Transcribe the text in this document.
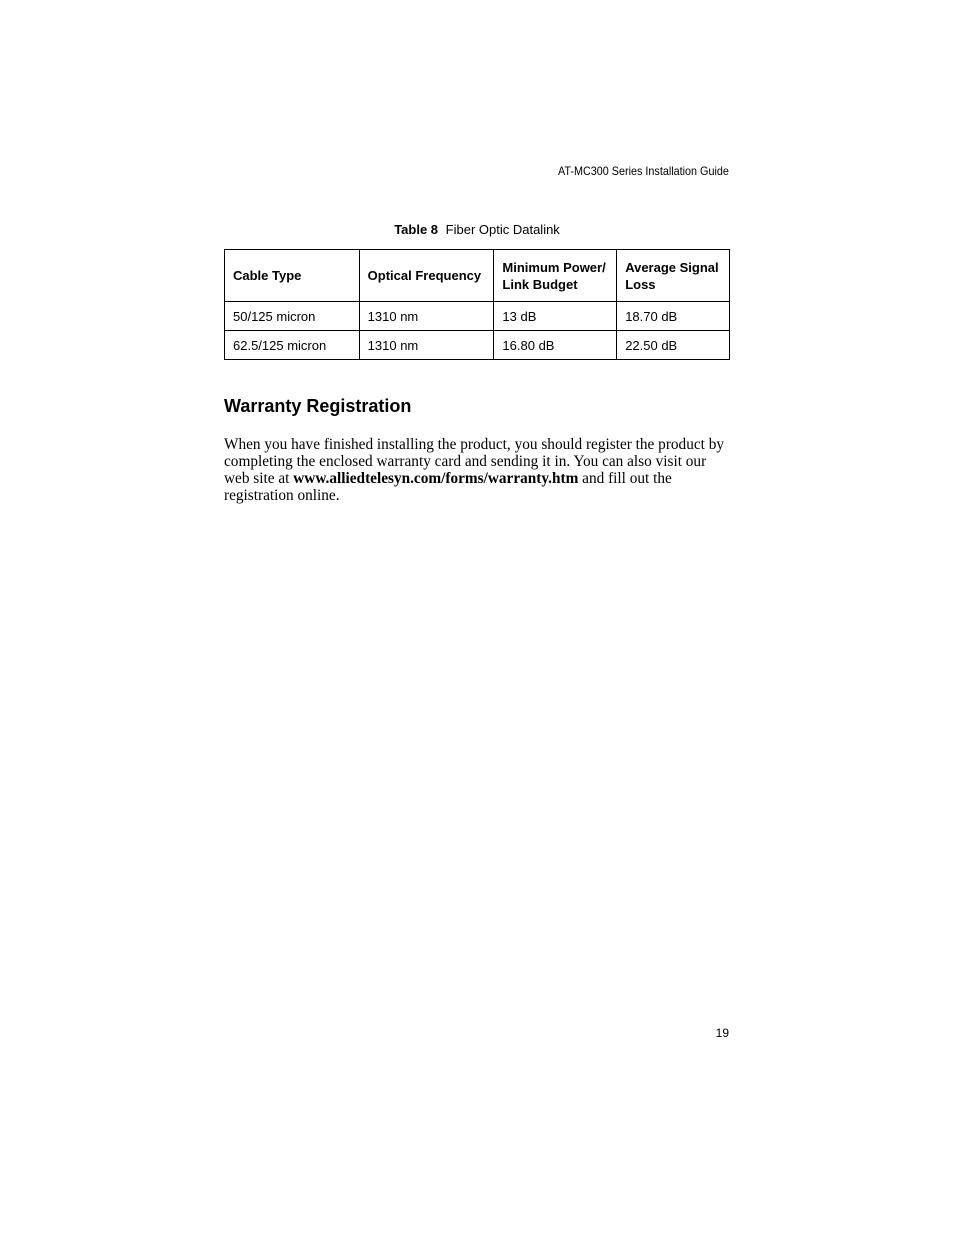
AT-MC300 Series Installation Guide
Table 8 Fiber Optic Datalink
Cable Type	Optical Frequency	Minimum Power/ Link Budget	Average Signal Loss
50/125 micron	1310 nm	13 dB	18.70 dB
62.5/125 micron	1310 nm	16.80 dB	22.50 dB
Warranty Registration

When you have finished installing the product, you should register the product by completing the enclosed warranty card and sending it in. You can also visit our web site at www.alliedtelesyn.com/forms/warranty.htm and fill out the registration online.

19
